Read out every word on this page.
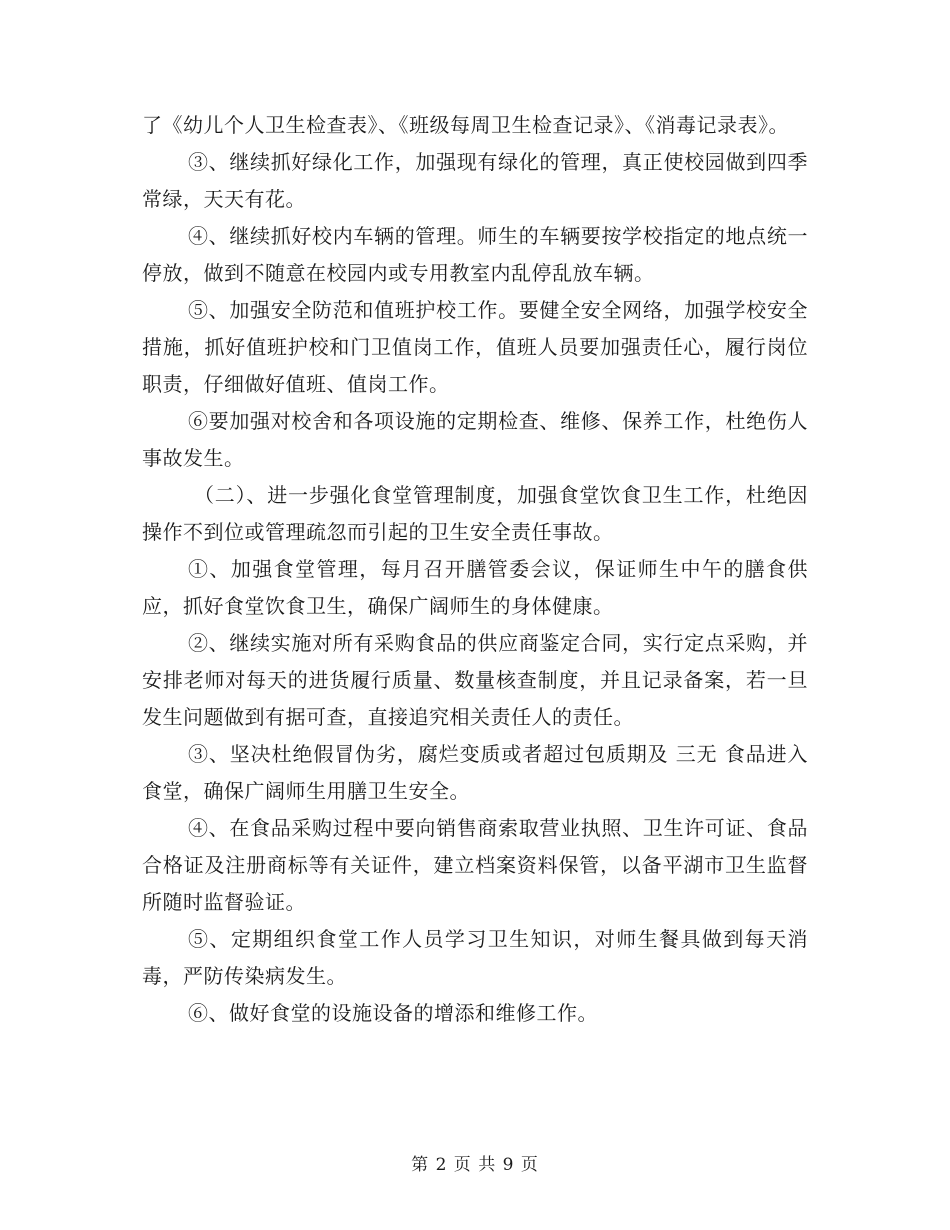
了《幼儿个人卫生检查表》、《班级每周卫生检查记录》、《消毒记录表》。

③、继续抓好绿化工作，加强现有绿化的管理，真正使校园做到四季常绿，天天有花。

④、继续抓好校内车辆的管理。师生的车辆要按学校指定的地点统一停放，做到不随意在校园内或专用教室内乱停乱放车辆。

⑤、加强安全防范和值班护校工作。要健全安全网络，加强学校安全措施，抓好值班护校和门卫值岗工作，值班人员要加强责任心，履行岗位职责，仔细做好值班、值岗工作。

⑥要加强对校舍和各项设施的定期检查、维修、保养工作，杜绝伤人事故发生。

（二）、进一步强化食堂管理制度，加强食堂饮食卫生工作，杜绝因操作不到位或管理疏忽而引起的卫生安全责任事故。

①、加强食堂管理，每月召开膳管委会议，保证师生中午的膳食供应，抓好食堂饮食卫生，确保广阔师生的身体健康。

②、继续实施对所有采购食品的供应商鉴定合同，实行定点采购，并安排老师对每天的进货履行质量、数量核查制度，并且记录备案，若一旦发生问题做到有据可查，直接追究相关责任人的责任。

③、坚决杜绝假冒伪劣，腐烂变质或者超过包质期及 三无 食品进入食堂，确保广阔师生用膳卫生安全。

④、在食品采购过程中要向销售商索取营业执照、卫生许可证、食品合格证及注册商标等有关证件，建立档案资料保管，以备平湖市卫生监督所随时监督验证。

⑤、定期组织食堂工作人员学习卫生知识，对师生餐具做到每天消毒，严防传染病发生。

⑥、做好食堂的设施设备的增添和维修工作。

第 2 页 共 9 页
